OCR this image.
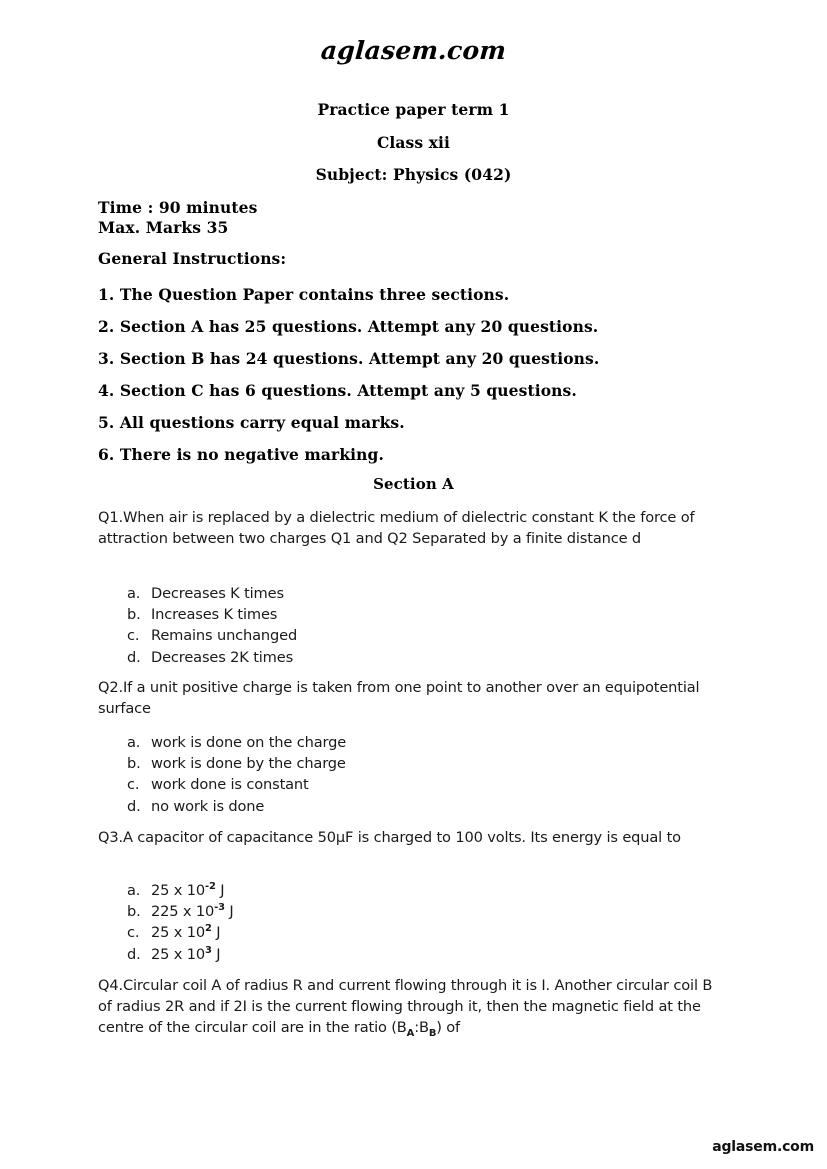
aglasem.com
Practice paper term 1
Class xii
Subject: Physics (042)
Time : 90 minutes
Max. Marks 35
General Instructions:
1. The Question Paper contains three sections.
2. Section A has 25 questions. Attempt any 20 questions.
3. Section B has 24 questions. Attempt any 20 questions.
4. Section C has 6 questions. Attempt any 5 questions.
5. All questions carry equal marks.
6. There is no negative marking.
Section A
Q1.When air is replaced by a dielectric medium of dielectric constant K the force of attraction between two charges Q1 and Q2 Separated by a finite distance d
a. Decreases K times
b. Increases K times
c. Remains unchanged
d. Decreases 2K times
Q2.If a unit positive charge is taken from one point to another over an equipotential surface
a. work is done on the charge
b. work is done by the charge
c. work done is constant
d. no work is done
Q3.A capacitor of capacitance 50µF is charged to 100 volts. Its energy is equal to
a. 25 x $10^{-2}$ J
b. 225 x $10^{-3}$ J
c. 25 x $10^2$ J
d. 25 x $10^3$ J
Q4.Circular coil A of radius R and current flowing through it is I. Another circular coil B of radius 2R and if 2I is the current flowing through it, then the magnetic field at the centre of the circular coil are in the ratio $(B_A:B_B)$ of
aglasem.com
